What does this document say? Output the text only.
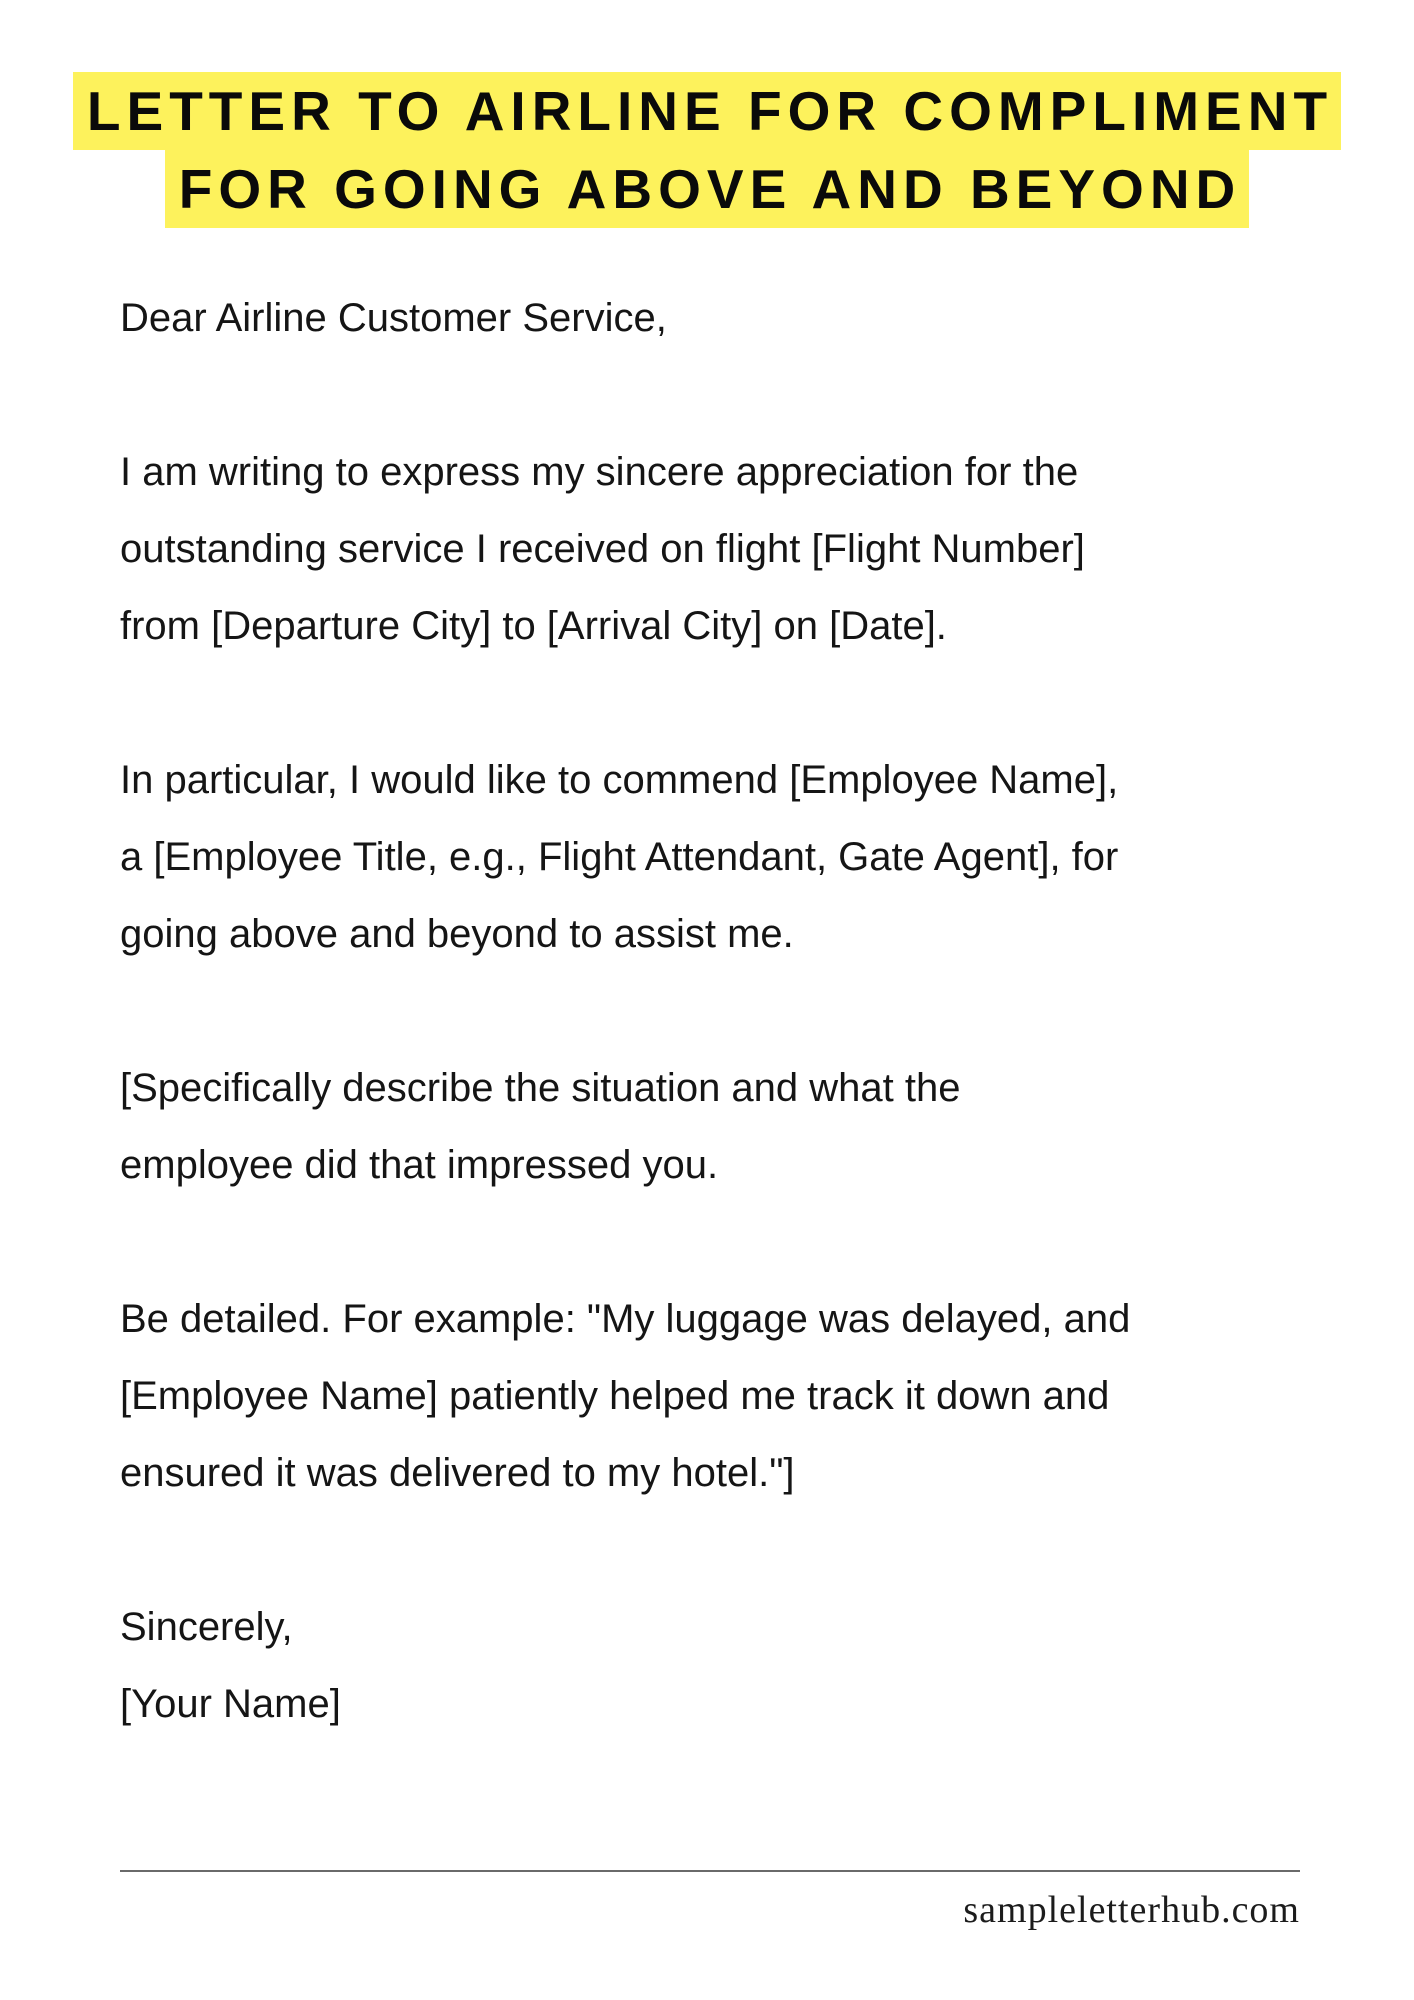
LETTER TO AIRLINE FOR COMPLIMENT
FOR GOING ABOVE AND BEYOND
Dear Airline Customer Service,
I am writing to express my sincere appreciation for the
outstanding service I received on flight [Flight Number]
from [Departure City] to [Arrival City] on [Date].
In particular, I would like to commend [Employee Name],
a [Employee Title, e.g., Flight Attendant, Gate Agent], for
going above and beyond to assist me.
[Specifically describe the situation and what the
employee did that impressed you.
Be detailed. For example: "My luggage was delayed, and
[Employee Name] patiently helped me track it down and
ensured it was delivered to my hotel."]
Sincerely,
[Your Name]
sampleletterhub.com
